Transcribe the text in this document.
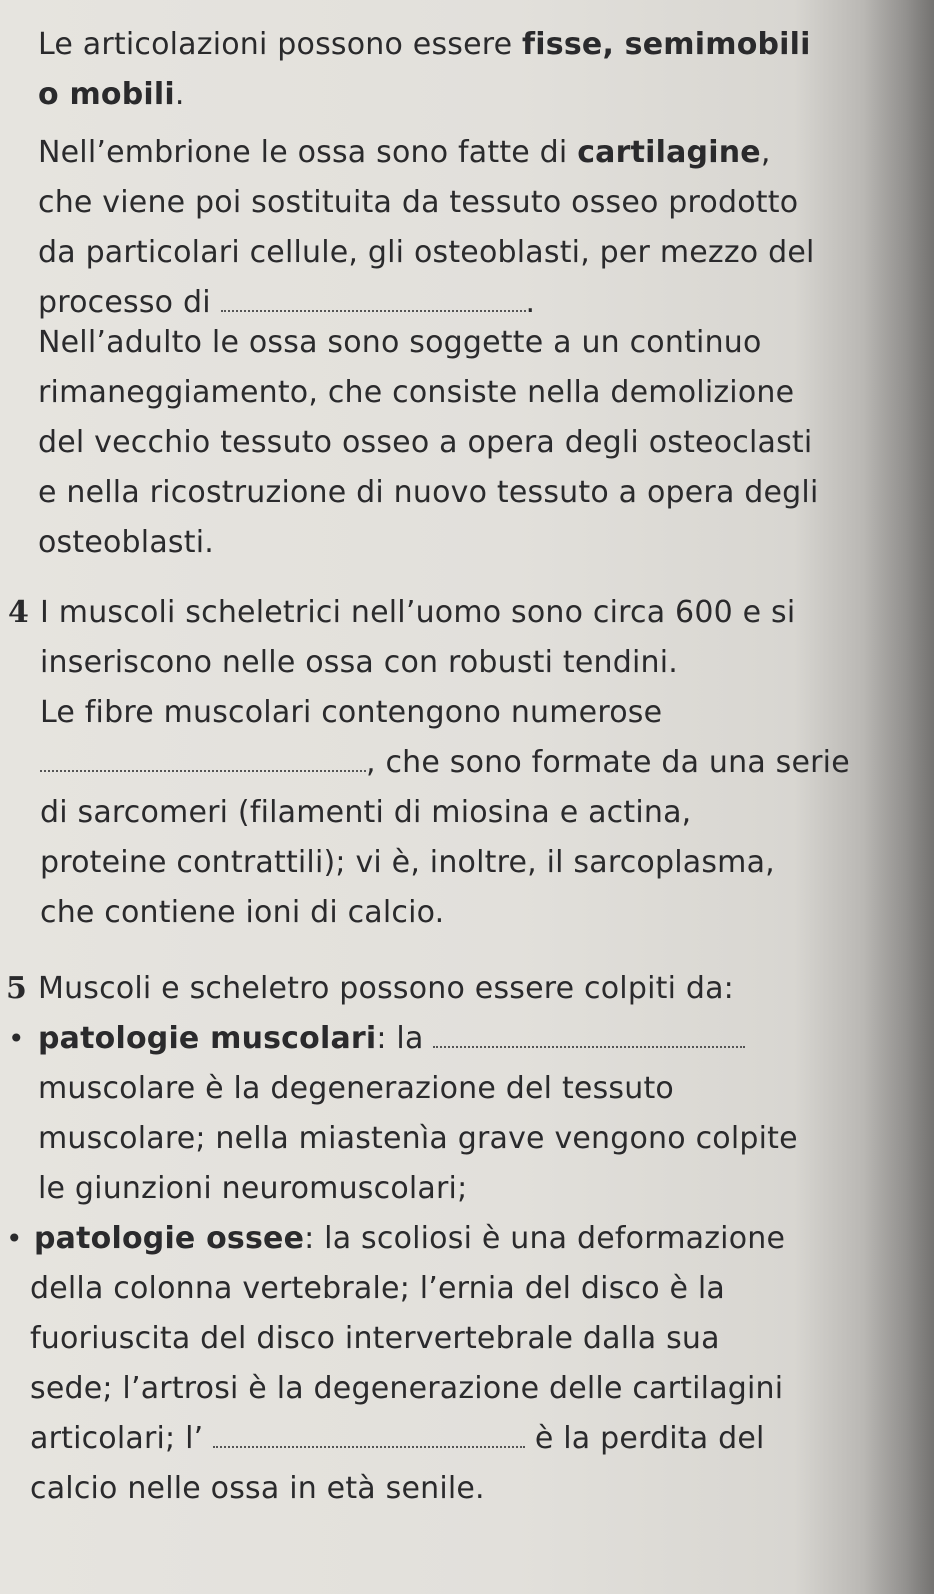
Le articolazioni possono essere fisse, semimobili
o mobili.
Nell’embrione le ossa sono fatte di cartilagine,
che viene poi sostituita da tessuto osseo prodotto
da particolari cellule, gli osteoblasti, per mezzo del
processo di	.
Nell’adulto le ossa sono soggette a un continuo
rimaneggiamento, che consiste nella demolizione
del vecchio tessuto osseo a opera degli osteoclasti
e nella ricostruzione di nuovo tessuto a opera degli
osteoblasti.
4 I muscoli scheletrici nell’uomo sono circa 600 e si
inseriscono nelle ossa con robusti tendini.
Le fibre muscolari contengono numerose
, che sono formate da una serie
di sarcomeri (filamenti di miosina e actina,
proteine contrattili); vi è, inoltre, il sarcoplasma,
che contiene ioni di calcio.
5 Muscoli e scheletro possono essere colpiti da:
• patologie muscolari: la
muscolare è la degenerazione del tessuto
muscolare; nella miastenìa grave vengono colpite
le giunzioni neuromuscolari;
• patologie ossee: la scoliosi è una deformazione
della colonna vertebrale; l’ernia del disco è la
fuoriuscita del disco intervertebrale dalla sua
sede; l’artrosi è la degenerazione delle cartilagini
articolari; l’	è la perdita del
calcio nelle ossa in età senile.
